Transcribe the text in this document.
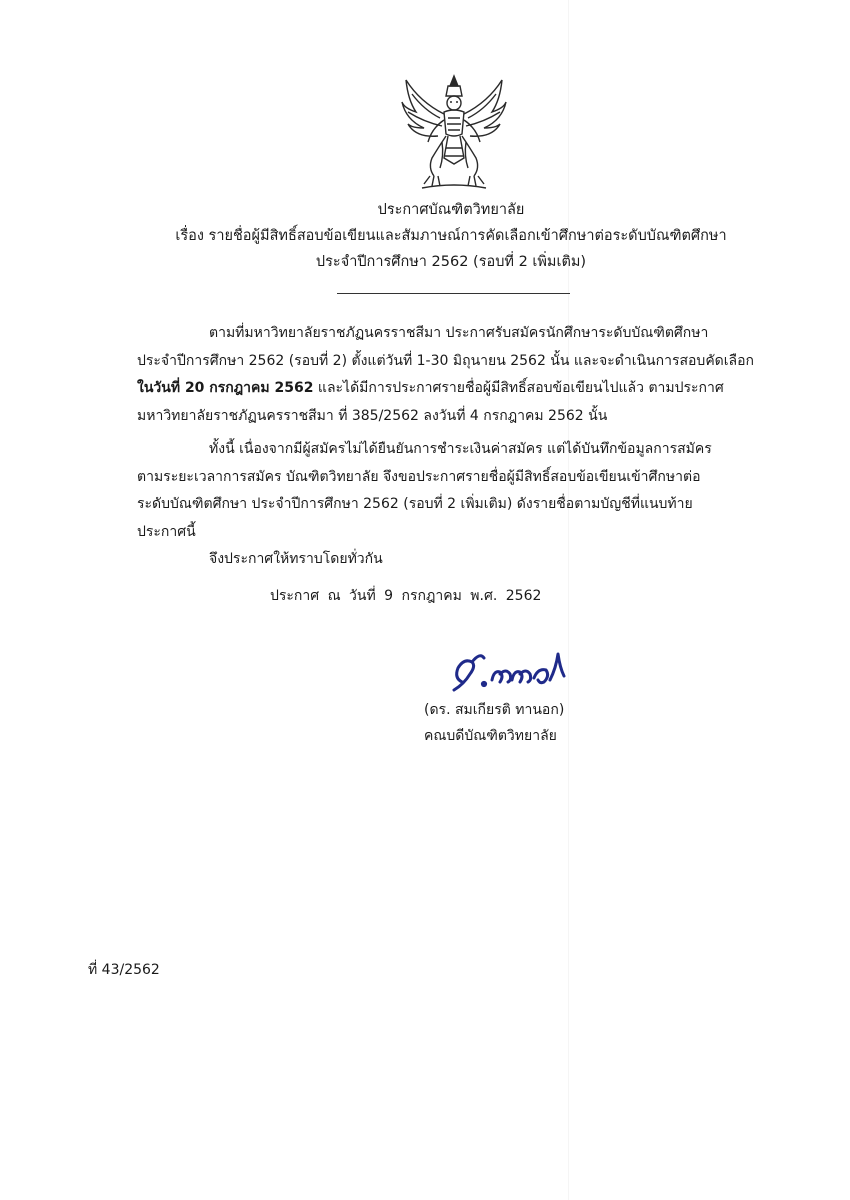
ประกาศบัณฑิตวิทยาลัย
เรื่อง รายชื่อผู้มีสิทธิ์สอบข้อเขียนและสัมภาษณ์การคัดเลือกเข้าศึกษาต่อระดับบัณฑิตศึกษา
ประจำปีการศึกษา 2562 (รอบที่ 2 เพิ่มเติม)

ตามที่มหาวิทยาลัยราชภัฏนครราชสีมา ประกาศรับสมัครนักศึกษาระดับบัณฑิตศึกษา

ประจำปีการศึกษา 2562 (รอบที่ 2) ตั้งแต่วันที่ 1-30 มิถุนายน 2562 นั้น และจะดำเนินการสอบคัดเลือก

ในวันที่ 20 กรกฎาคม 2562 และได้มีการประกาศรายชื่อผู้มีสิทธิ์สอบข้อเขียนไปแล้ว ตามประกาศ

มหาวิทยาลัยราชภัฏนครราชสีมา ที่ 385/2562 ลงวันที่ 4 กรกฎาคม 2562 นั้น

ทั้งนี้ เนื่องจากมีผู้สมัครไม่ได้ยืนยันการชำระเงินค่าสมัคร แต่ได้บันทึกข้อมูลการสมัคร

ตามระยะเวลาการสมัคร บัณฑิตวิทยาลัย จึงขอประกาศรายชื่อผู้มีสิทธิ์สอบข้อเขียนเข้าศึกษาต่อ

ระดับบัณฑิตศึกษา ประจำปีการศึกษา 2562 (รอบที่ 2 เพิ่มเติม) ดังรายชื่อตามบัญชีที่แนบท้าย

ประกาศนี้

จึงประกาศให้ทราบโดยทั่วกัน

ประกาศ ณ วันที่ 9 กรกฎาคม พ.ศ. 2562
(ดร. สมเกียรติ ทานอก)
คณบดีบัณฑิตวิทยาลัย
ที่ 43/2562
